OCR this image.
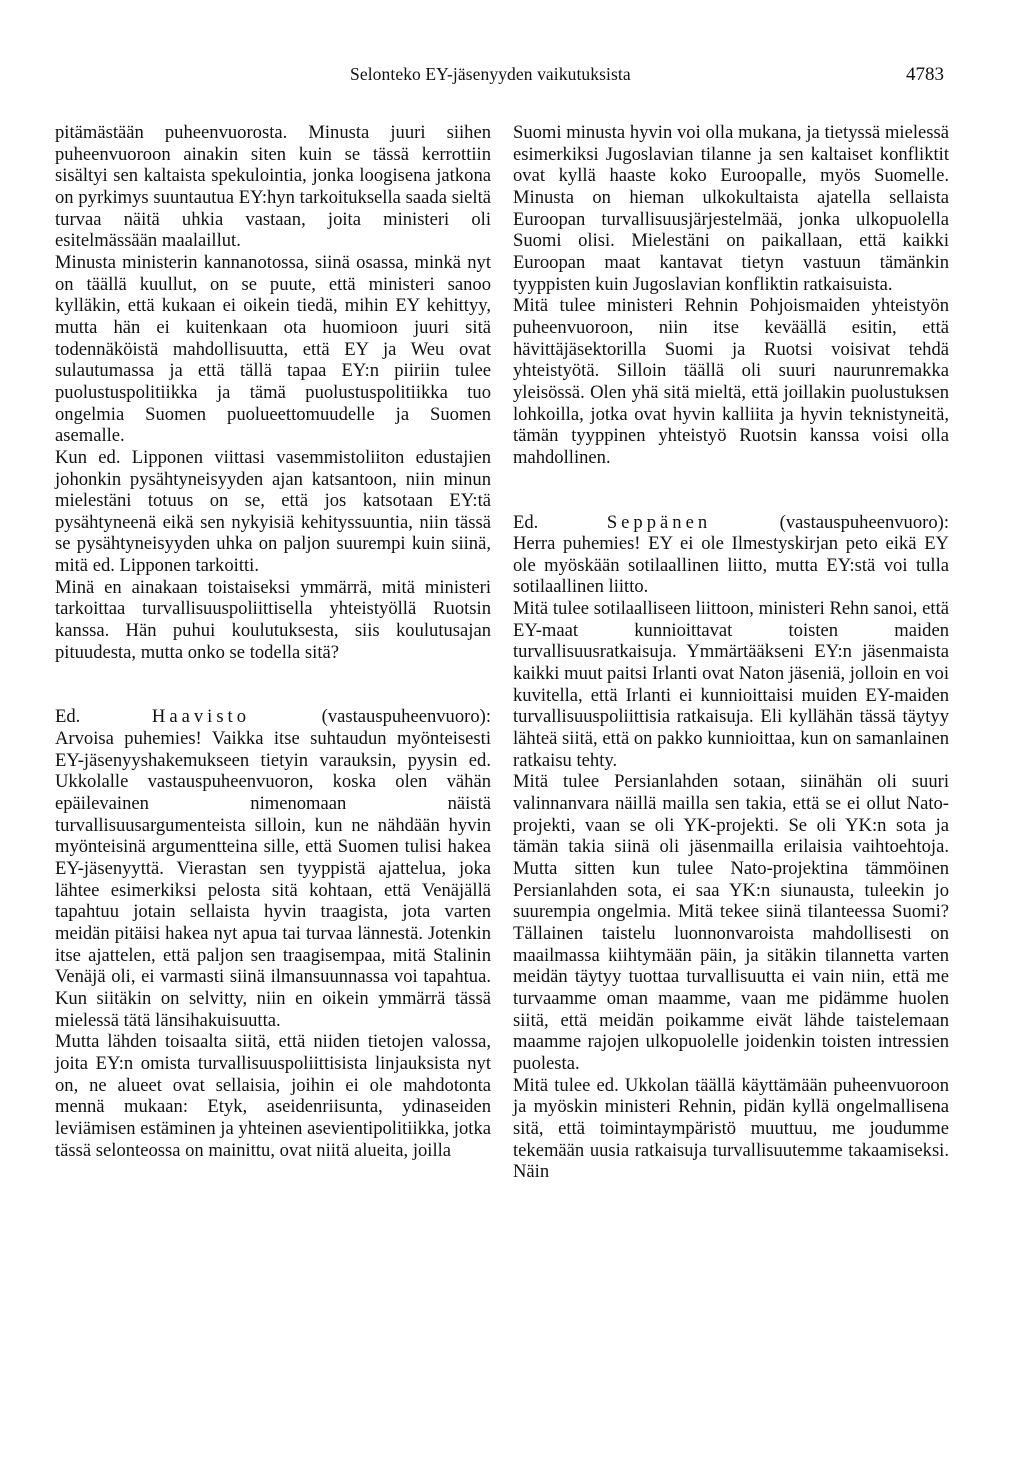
Selonteko EY-jäsenyyden vaikutuksista	4783

pitämästään puheenvuorosta. Minusta juuri siihen puheenvuoroon ainakin siten kuin se tässä kerrottiin sisältyi sen kaltaista spekulointia, jonka loogisena jatkona on pyrkimys suuntautua EY:hyn tarkoituksella saada sieltä turvaa näitä uhkia vastaan, joita ministeri oli esitelmässään maalaillut.

Minusta ministerin kannanotossa, siinä osassa, minkä nyt on täällä kuullut, on se puute, että ministeri sanoo kylläkin, että kukaan ei oikein tiedä, mihin EY kehittyy, mutta hän ei kuitenkaan ota huomioon juuri sitä todennäköistä mahdollisuutta, että EY ja Weu ovat sulautumassa ja että tällä tapaa EY:n piiriin tulee puolustuspolitiikka ja tämä puolustuspolitiikka tuo ongelmia Suomen puolueettomuudelle ja Suomen asemalle.

Kun ed. Lipponen viittasi vasemmistoliiton edustajien johonkin pysähtyneisyyden ajan katsantoon, niin minun mielestäni totuus on se, että jos katsotaan EY:tä pysähtyneenä eikä sen nykyisiä kehityssuuntia, niin tässä se pysähtyneisyyden uhka on paljon suurempi kuin siinä, mitä ed. Lipponen tarkoitti.

Minä en ainakaan toistaiseksi ymmärrä, mitä ministeri tarkoittaa turvallisuuspoliittisella yhteistyöllä Ruotsin kanssa. Hän puhui koulutuksesta, siis koulutusajan pituudesta, mutta onko se todella sitä?

Ed.	Haavisto	(vastauspuheenvuoro):

Arvoisa puhemies! Vaikka itse suhtaudun myönteisesti EY-jäsenyyshakemukseen tietyin varauksin, pyysin ed. Ukkolalle vastauspuheenvuoron, koska olen vähän epäilevainen nimenomaan näistä turvallisuusargumenteista silloin, kun ne nähdään hyvin myönteisinä argumentteina sille, että Suomen tulisi hakea EY-jäsenyyttä. Vierastan sen tyyppistä ajattelua, joka lähtee esimerkiksi pelosta sitä kohtaan, että Venäjällä tapahtuu jotain sellaista hyvin traagista, jota varten meidän pitäisi hakea nyt apua tai turvaa lännestä. Jotenkin itse ajattelen, että paljon sen traagisempaa, mitä Stalinin Venäjä oli, ei varmasti siinä ilmansuunnassa voi tapahtua. Kun siitäkin on selvitty, niin en oikein ymmärrä tässä mielessä tätä länsihakuisuutta.

Mutta lähden toisaalta siitä, että niiden tietojen valossa, joita EY:n omista turvallisuuspoliittisista linjauksista nyt on, ne alueet ovat sellaisia, joihin ei ole mahdotonta mennä mukaan: Etyk, aseidenriisunta, ydinaseiden leviämisen estäminen ja yhteinen asevientipolitiikka, jotka tässä selonteossa on mainittu, ovat niitä alueita, joilla

Suomi minusta hyvin voi olla mukana, ja tietyssä mielessä esimerkiksi Jugoslavian tilanne ja sen kaltaiset konfliktit ovat kyllä haaste koko Euroopalle, myös Suomelle. Minusta on hieman ulkokultaista ajatella sellaista Euroopan turvallisuusjärjestelmää, jonka ulkopuolella Suomi olisi. Mielestäni on paikallaan, että kaikki Euroopan maat kantavat tietyn vastuun tämänkin tyyppisten kuin Jugoslavian konfliktin ratkaisuista.

Mitä tulee ministeri Rehnin Pohjoismaiden yhteistyön puheenvuoroon, niin itse keväällä esitin, että hävittäjäsektorilla Suomi ja Ruotsi voisivat tehdä yhteistyötä. Silloin täällä oli suuri naurunremakka yleisössä. Olen yhä sitä mieltä, että joillakin puolustuksen lohkoilla, jotka ovat hyvin kalliita ja hyvin teknistyneitä, tämän tyyppinen yhteistyö Ruotsin kanssa voisi olla mahdollinen.

Ed.	Seppänen	(vastauspuheenvuoro):

Herra puhemies! EY ei ole Ilmestyskirjan peto eikä EY ole myöskään sotilaallinen liitto, mutta EY:stä voi tulla sotilaallinen liitto.

Mitä tulee sotilaalliseen liittoon, ministeri Rehn sanoi, että EY-maat kunnioittavat toisten maiden turvallisuusratkaisuja. Ymmärtääkseni EY:n jäsenmaista kaikki muut paitsi Irlanti ovat Naton jäseniä, jolloin en voi kuvitella, että Irlanti ei kunnioittaisi muiden EY-maiden turvallisuuspoliittisia ratkaisuja. Eli kyllähän tässä täytyy lähteä siitä, että on pakko kunnioittaa, kun on samanlainen ratkaisu tehty.

Mitä tulee Persianlahden sotaan, siinähän oli suuri valinnanvara näillä mailla sen takia, että se ei ollut Nato-projekti, vaan se oli YK-projekti. Se oli YK:n sota ja tämän takia siinä oli jäsenmailla erilaisia vaihtoehtoja. Mutta sitten kun tulee Nato-projektina tämmöinen Persianlahden sota, ei saa YK:n siunausta, tuleekin jo suurempia ongelmia. Mitä tekee siinä tilanteessa Suomi? Tällainen taistelu luonnonvaroista mahdollisesti on maailmassa kiihtymään päin, ja sitäkin tilannetta varten meidän täytyy tuottaa turvallisuutta ei vain niin, että me turvaamme oman maamme, vaan me pidämme huolen siitä, että meidän poikamme eivät lähde taistelemaan maamme rajojen ulkopuolelle joidenkin toisten intressien puolesta.

Mitä tulee ed. Ukkolan täällä käyttämään puheenvuoroon ja myöskin ministeri Rehnin, pidän kyllä ongelmallisena sitä, että toimintaympäristö muuttuu, me joudumme tekemään uusia ratkaisuja turvallisuutemme takaamiseksi. Näin
